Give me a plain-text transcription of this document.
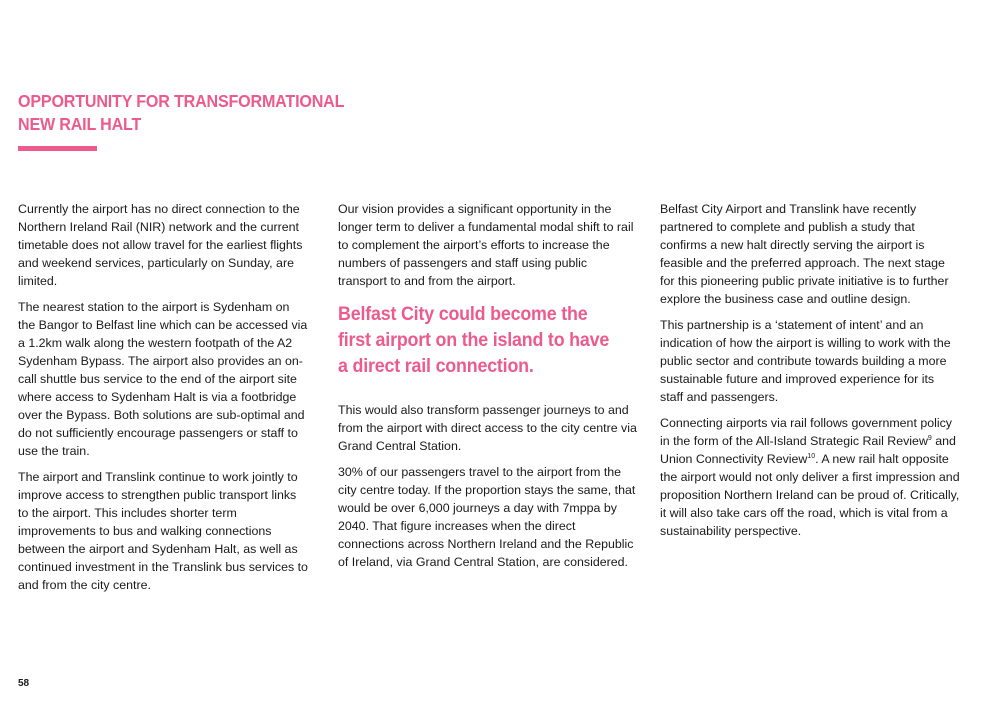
OPPORTUNITY FOR TRANSFORMATIONAL
NEW RAIL HALT

Currently the airport has no direct connection to the Northern Ireland Rail (NIR) network and the current timetable does not allow travel for the earliest flights and weekend services, particularly on Sunday, are limited.

The nearest station to the airport is Sydenham on the Bangor to Belfast line which can be accessed via a 1.2km walk along the western footpath of the A2 Sydenham Bypass. The airport also provides an on-call shuttle bus service to the end of the airport site where access to Sydenham Halt is via a footbridge over the Bypass. Both solutions are sub-optimal and do not sufficiently encourage passengers or staff to use the train.

The airport and Translink continue to work jointly to improve access to strengthen public transport links to the airport. This includes shorter term improvements to bus and walking connections between the airport and Sydenham Halt, as well as continued investment in the Translink bus services to and from the city centre.

Our vision provides a significant opportunity in the longer term to deliver a fundamental modal shift to rail to complement the airport’s efforts to increase the numbers of passengers and staff using public transport to and from the airport.

Belfast City could become the
first airport on the island to have
a direct rail connection.

This would also transform passenger journeys to and from the airport with direct access to the city centre via Grand Central Station.

30% of our passengers travel to the airport from the city centre today. If the proportion stays the same, that would be over 6,000 journeys a day with 7mppa by 2040. That figure increases when the direct connections across Northern Ireland and the Republic of Ireland, via Grand Central Station, are considered.

Belfast City Airport and Translink have recently partnered to complete and publish a study that confirms a new halt directly serving the airport is feasible and the preferred approach. The next stage for this pioneering public private initiative is to further explore the business case and outline design.

This partnership is a ‘statement of intent’ and an indication of how the airport is willing to work with the public sector and contribute towards building a more sustainable future and improved experience for its staff and passengers.

Connecting airports via rail follows government policy in the form of the All-Island Strategic Rail Review$^9$ and Union Connectivity Review$^{10}$. A new rail halt opposite the airport would not only deliver a first impression and proposition Northern Ireland can be proud of. Critically, it will also take cars off the road, which is vital from a sustainability perspective.

58
